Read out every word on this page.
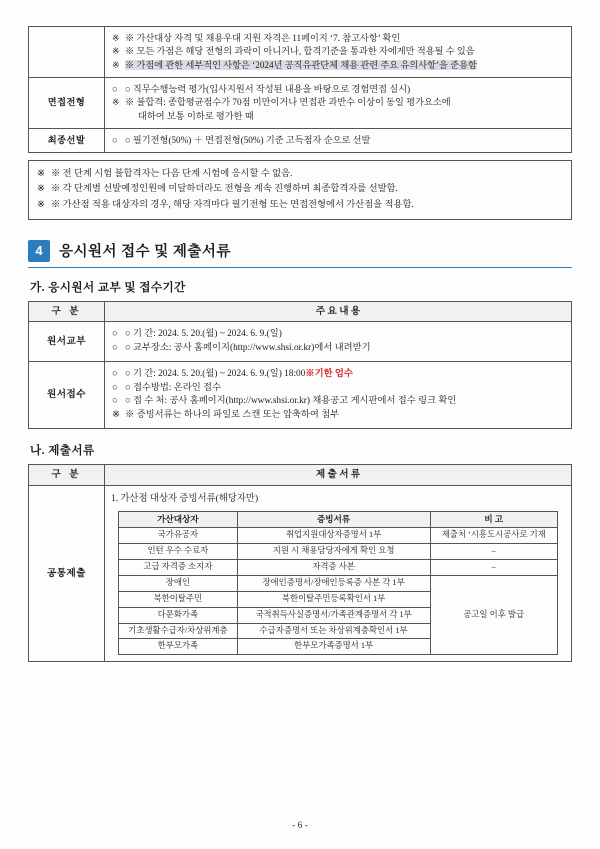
※ ※ 가산대상 자격 및 채용우대 지원 자격은 11페이지 ‘7. 참고사항’ 확인
※ ※ 모든 가점은 해당 전형의 과락이 아니거나, 합격기준을 통과한 자에게만 적용될 수 있음
※ ※ 가점에 관한 세부적인 사항은 ‘2024년 공직유관단체 채용 관련 주요 유의사항’을 준용함

면접전형	○ ○ 직무수행능력 평가(입사지원서 작성된 내용을 바탕으로 경험면접 실시)
※ ※ 불합격: 종합평균점수가 70점 미만이거나 면접관 과반수 이상이 동일 평가요소에
대하여 보통 이하로 평가한 때

최종선발	○ ○ 필기전형(50%) ＋ 면접전형(50%) 기준 고득점자 순으로 선발
※ ※ 전 단계 시험 불합격자는 다음 단계 시험에 응시할 수 없음.
※ ※ 각 단계별 선발예정인원에 미달하더라도 전형을 계속 진행하며 최종합격자를 선발함.
※ ※ 가산점 적용 대상자의 경우, 해당 자격마다 필기전형 또는 면접전형에서 가산점을 적용함.
4	응시원서 접수 및 제출서류
가. 응시원서 교부 및 접수기간
구 분	주 요 내 용
원서교부	○ ○ 기 간: 2024. 5. 20.(월) ~ 2024. 6. 9.(일)
○ ○ 교부장소: 공사 홈페이지(http://www.shsi.or.kr)에서 내려받기

원서접수	
○ ○ 기 간: 2024. 5. 20.(월) ~ 2024. 6. 9.(일) 18:00※기한 엄수
○ ○ 접수방법: 온라인 접수
○ ○ 접 수 처: 공사 홈페이지(http://www.shsi.or.kr) 채용공고 게시판에서 접수 링크 확인
※ ※ 증빙서류는 하나의 파일로 스캔 또는 압축하여 첨부
나. 제출서류
구 분	제 출 서 류
공통제출	
1. 가산점 대상자 증빙서류(해당자만)
가산대상자	증빙서류	비 고
국가유공자	취업지원대상자증명서 1부	제출처 ‘시흥도시공사로 기재
인턴 우수 수료자	지원 시 채용담당자에게 확인 요청	–
고급 자격증 소지자	자격증 사본	–
장애인	장애인증명서/장애인등록증 사본 각 1부	공고일 이후 발급
북한이탈주민	북한이탈주민등록확인서 1부
다문화가족	국적취득사실증명서/가족관계증명서 각 1부
기초생활수급자/차상위계층	수급자증명서 또는 차상위계층확인서 1부
한부모가족	한부모가족증명서 1부
- 6 -
